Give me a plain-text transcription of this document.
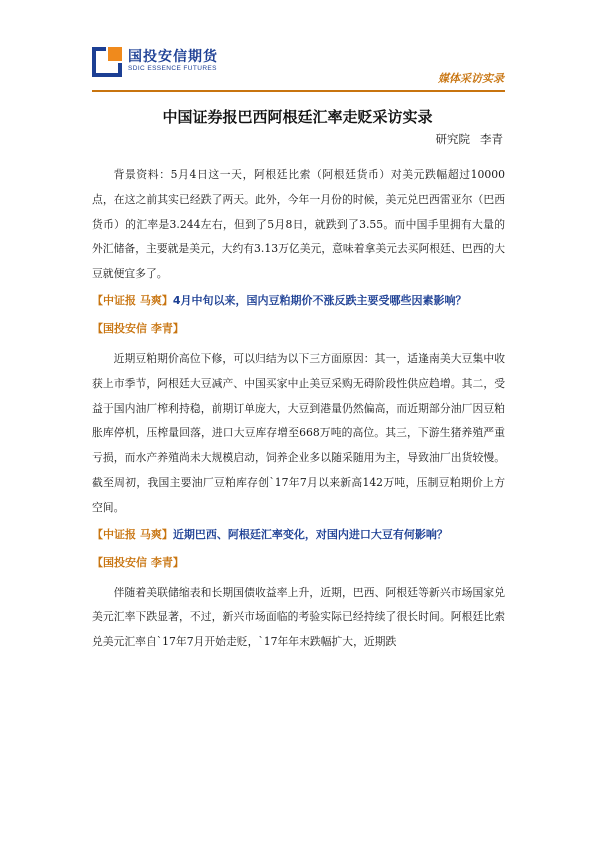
国投安信期货
SDIC ESSENCE FUTURES
媒体采访实录
中国证券报巴西阿根廷汇率走贬采访实录
研究院 李青

背景资料：5月4日这一天，阿根廷比索（阿根廷货币）对美元跌幅超过10000点，在这之前其实已经跌了两天。此外，今年一月份的时候，美元兑巴西雷亚尔（巴西货币）的汇率是3.244左右，但到了5月8日，就跌到了3.55。而中国手里拥有大量的外汇储备，主要就是美元，大约有3.13万亿美元，意味着拿美元去买阿根廷、巴西的大豆就便宜多了。

【中证报 马爽】4月中旬以来，国内豆粕期价不涨反跌主要受哪些因素影响？

【国投安信 李青】

近期豆粕期价高位下修，可以归结为以下三方面原因：其一，适逢南美大豆集中收获上市季节，阿根廷大豆减产、中国买家中止美豆采购无碍阶段性供应趋增。其二，受益于国内油厂榨利持稳，前期订单庞大，大豆到港量仍然偏高，而近期部分油厂因豆粕胀库停机，压榨量回落，进口大豆库存增至668万吨的高位。其三，下游生猪养殖严重亏损，而水产养殖尚未大规模启动，饲养企业多以随采随用为主，导致油厂出货较慢。截至周初，我国主要油厂豆粕库存创`17年7月以来新高142万吨，压制豆粕期价上方空间。

【中证报 马爽】近期巴西、阿根廷汇率变化，对国内进口大豆有何影响？

【国投安信 李青】

伴随着美联储缩表和长期国债收益率上升，近期，巴西、阿根廷等新兴市场国家兑美元汇率下跌显著，不过，新兴市场面临的考验实际已经持续了很长时间。阿根廷比索兑美元汇率自`17年7月开始走贬，`17年年末跌幅扩大，近期跌
